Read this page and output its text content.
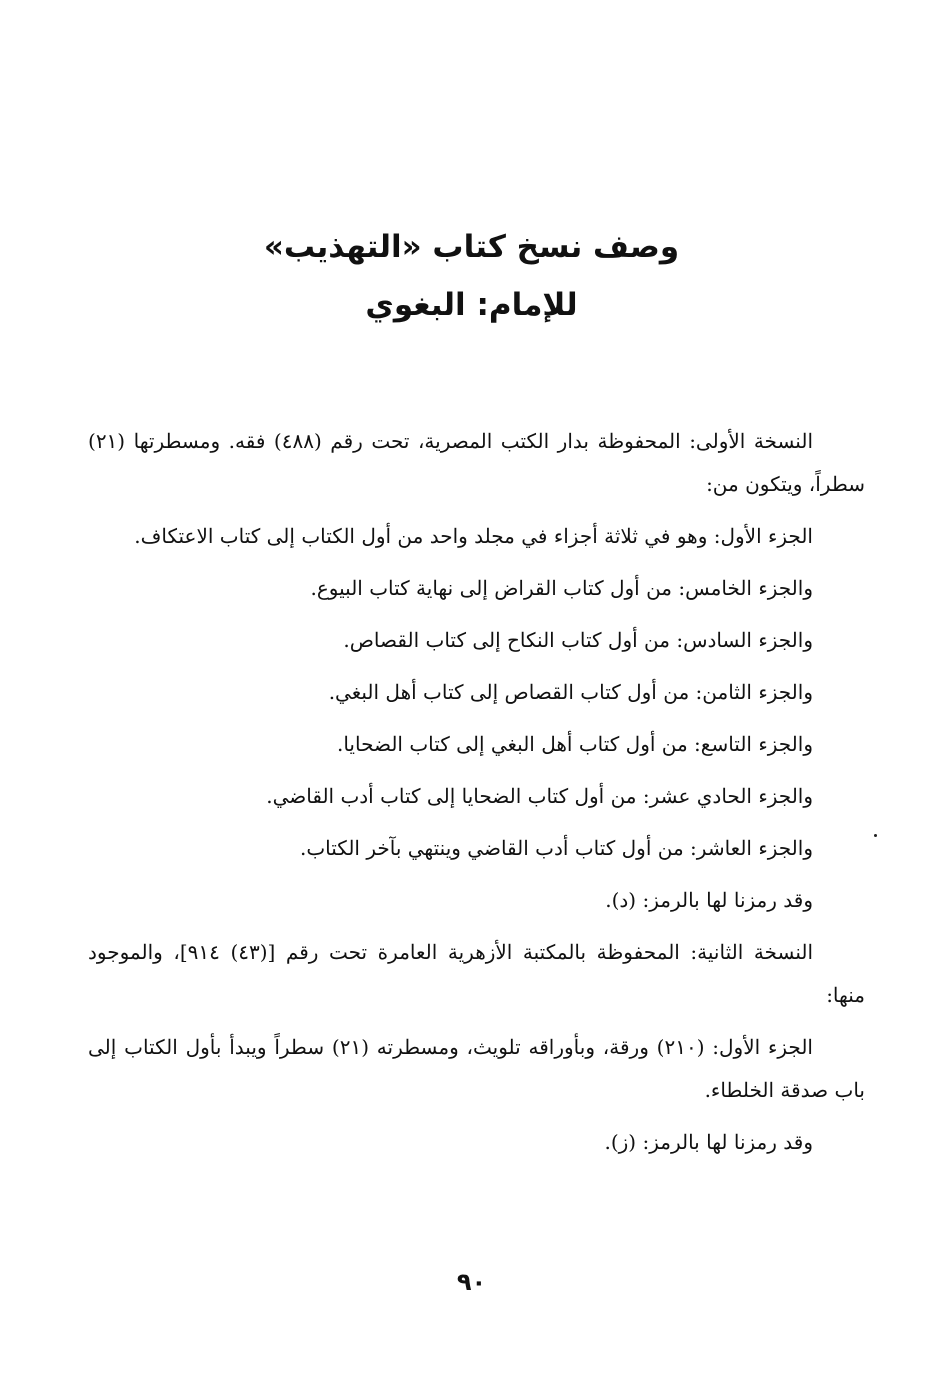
وصف نسخ كتاب «التهذيب»

للإمام: البغوي

النسخة الأولى: المحفوظة بدار الكتب المصرية، تحت رقم (٤٨٨) فقه. ومسطرتها (٢١) سطراً، ويتكون من:

الجزء الأول: وهو في ثلاثة أجزاء في مجلد واحد من أول الكتاب إلى كتاب الاعتكاف.

والجزء الخامس: من أول كتاب القراض إلى نهاية كتاب البيوع.

والجزء السادس: من أول كتاب النكاح إلى كتاب القصاص.

والجزء الثامن: من أول كتاب القصاص إلى كتاب أهل البغي.

والجزء التاسع: من أول كتاب أهل البغي إلى كتاب الضحايا.

والجزء الحادي عشر: من أول كتاب الضحايا إلى كتاب أدب القاضي.

والجزء العاشر: من أول كتاب أدب القاضي وينتهي بآخر الكتاب.

وقد رمزنا لها بالرمز: (د).

النسخة الثانية: المحفوظة بالمكتبة الأزهرية العامرة تحت رقم [(٤٣) ٩١٤]، والموجود منها:

الجزء الأول: (٢١٠) ورقة، وبأوراقه تلويث، ومسطرته (٢١) سطراً ويبدأ بأول الكتاب إلى باب صدقة الخلطاء.

وقد رمزنا لها بالرمز: (ز).

٩٠
